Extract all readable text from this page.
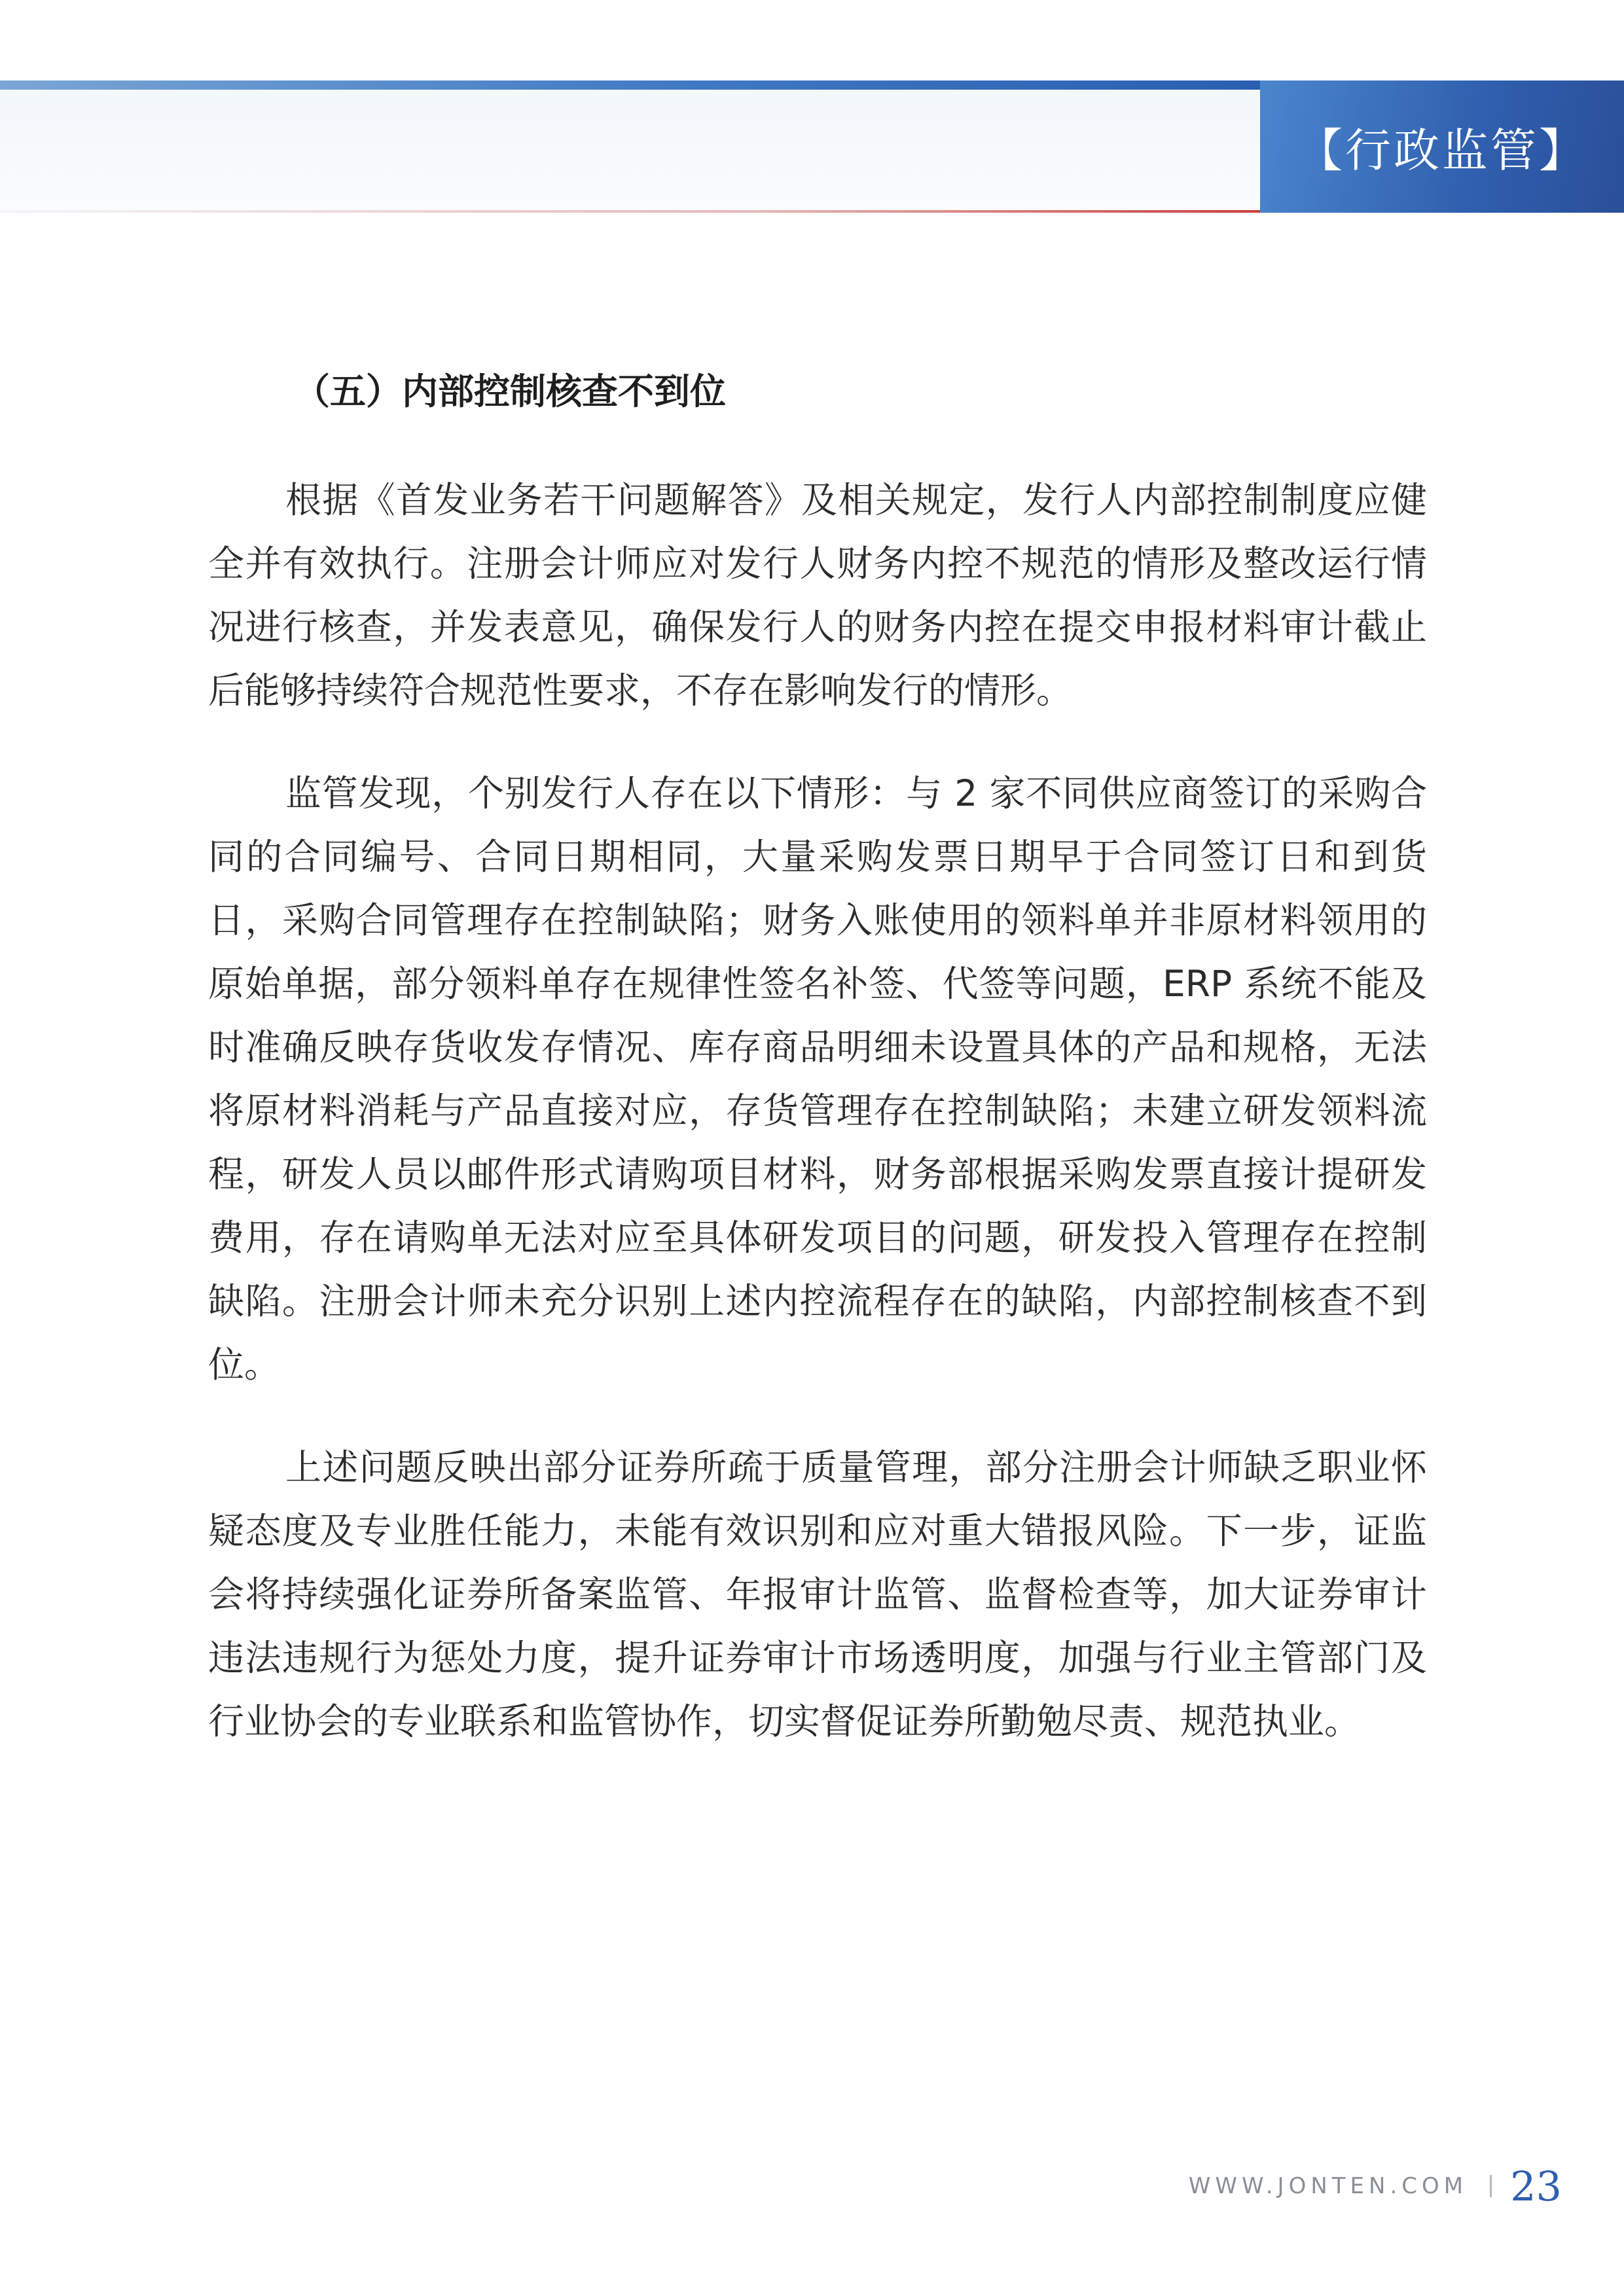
【行政监管】
（五）内部控制核查不到位

根据《首发业务若干问题解答》及相关规定，发行人内部控制制度应健全并有效执行。注册会计师应对发行人财务内控不规范的情形及整改运行情况进行核查，并发表意见，确保发行人的财务内控在提交申报材料审计截止后能够持续符合规范性要求，不存在影响发行的情形。

监管发现，个别发行人存在以下情形：与 2 家不同供应商签订的采购合同的合同编号、合同日期相同，大量采购发票日期早于合同签订日和到货日，采购合同管理存在控制缺陷；财务入账使用的领料单并非原材料领用的原始单据，部分领料单存在规律性签名补签、代签等问题，ERP 系统不能及时准确反映存货收发存情况、库存商品明细未设置具体的产品和规格，无法将原材料消耗与产品直接对应，存货管理存在控制缺陷；未建立研发领料流程，研发人员以邮件形式请购项目材料，财务部根据采购发票直接计提研发费用，存在请购单无法对应至具体研发项目的问题，研发投入管理存在控制缺陷。注册会计师未充分识别上述内控流程存在的缺陷，内部控制核查不到位。

上述问题反映出部分证券所疏于质量管理，部分注册会计师缺乏职业怀疑态度及专业胜任能力，未能有效识别和应对重大错报风险。下一步，证监会将持续强化证券所备案监管、年报审计监管、监督检查等，加大证券审计违法违规行为惩处力度，提升证券审计市场透明度，加强与行业主管部门及行业协会的专业联系和监管协作，切实督促证券所勤勉尽责、规范执业。

WWW.JONTEN.COM 23
